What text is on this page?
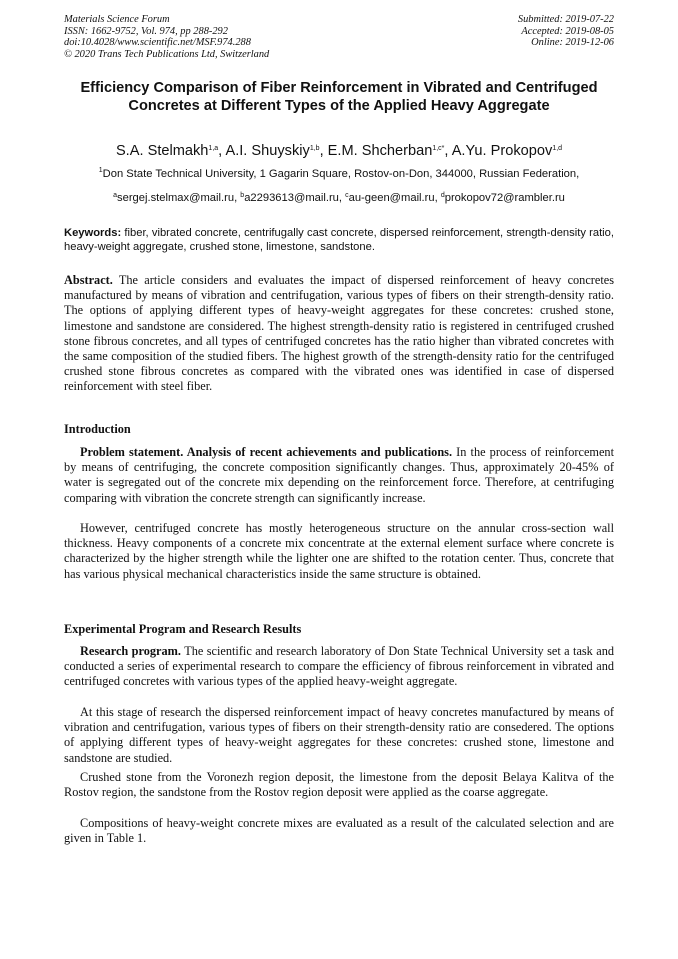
Materials Science Forum
ISSN: 1662-9752, Vol. 974, pp 288-292
doi:10.4028/www.scientific.net/MSF.974.288
© 2020 Trans Tech Publications Ltd, Switzerland
Submitted: 2019-07-22
Accepted: 2019-08-05
Online: 2019-12-06
Efficiency Comparison of Fiber Reinforcement in Vibrated and Centrifuged Concretes at Different Types of the Applied Heavy Aggregate
S.A. Stelmakh$^{1,a}$, A.I. Shuyskiy$^{1,b}$, E.M. Shcherban$^{1,c*}$, A.Yu. Prokopov$^{1,d}$
$^1$Don State Technical University, 1 Gagarin Square, Rostov-on-Don, 344000, Russian Federation,
$^a$sergej.stelmax@mail.ru, $^b$a2293613@mail.ru, $^c$au-geen@mail.ru, $^d$prokopov72@rambler.ru
Keywords: fiber, vibrated concrete, centrifugally cast concrete, dispersed reinforcement, strength-density ratio, heavy-weight aggregate, crushed stone, limestone, sandstone.

Abstract. The article considers and evaluates the impact of dispersed reinforcement of heavy concretes manufactured by means of vibration and centrifugation, various types of fibers on their strength-density ratio. The options of applying different types of heavy-weight aggregates for these concretes: crushed stone, limestone and sandstone are considered. The highest strength-density ratio is registered in centrifuged crushed stone fibrous concretes, and all types of centrifuged concretes has the ratio higher than vibrated concretes with the same composition of the studied fibers. The highest growth of the strength-density ratio for the centrifuged crushed stone fibrous concretes as compared with the vibrated ones was identified in case of dispersed reinforcement with steel fiber.

Introduction

Problem statement. Analysis of recent achievements and publications. In the process of reinforcement by means of centrifuging, the concrete composition significantly changes. Thus, approximately 20-45% of water is segregated out of the concrete mix depending on the reinforcement force. Therefore, at centrifuging comparing with vibration the concrete strength can significantly increase.

However, centrifuged concrete has mostly heterogeneous structure on the annular cross-section wall thickness. Heavy components of a concrete mix concentrate at the external element surface where concrete is characterized by the higher strength while the lighter one are shifted to the rotation center. Thus, concrete that has various physical mechanical characteristics inside the same structure is obtained.

Experimental Program and Research Results

Research program. The scientific and research laboratory of Don State Technical University set a task and conducted a series of experimental research to compare the efficiency of fibrous reinforcement in vibrated and centrifuged concretes with various types of the applied heavy-weight aggregate.

At this stage of research the dispersed reinforcement impact of heavy concretes manufactured by means of vibration and centrifugation, various types of fibers on their strength-density ratio are consedered. The options of applying different types of heavy-weight aggregates for these concretes: crushed stone, limestone and sandstone are studied.

Crushed stone from the Voronezh region deposit, the limestone from the deposit Belaya Kalitva of the Rostov region, the sandstone from the Rostov region deposit were applied as the coarse aggregate.

Compositions of heavy-weight concrete mixes are evaluated as a result of the calculated selection and are given in Table 1.
